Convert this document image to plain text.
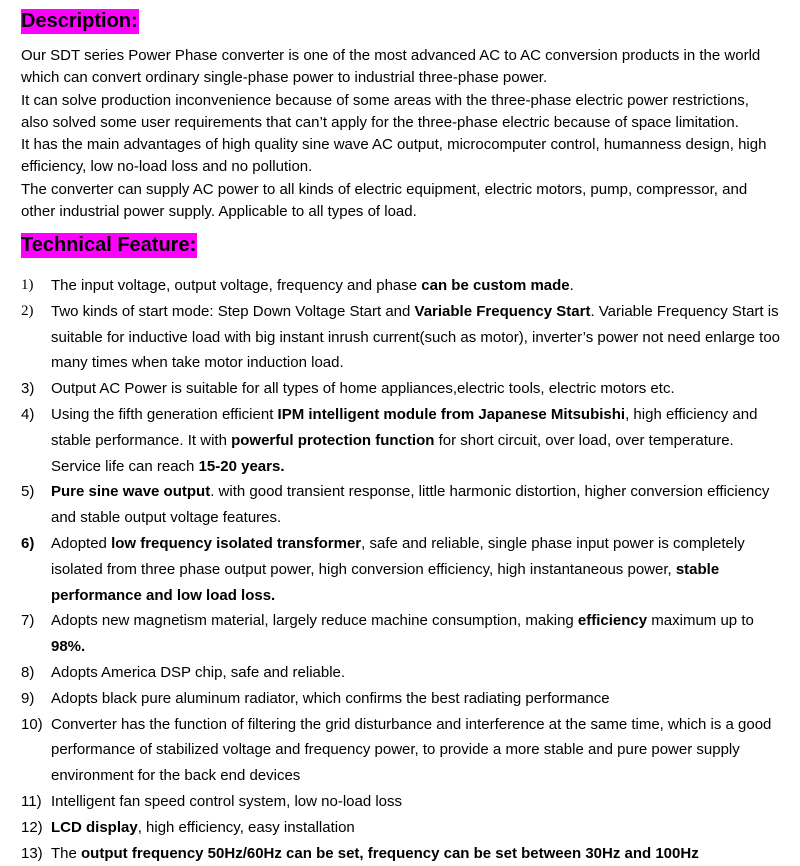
Description:

Our SDT series Power Phase converter is one of the most advanced AC to AC conversion products in the world

which can convert ordinary single-phase power to industrial three-phase power.

It can solve production inconvenience because of some areas with the three-phase electric power restrictions,

also solved some user requirements that can’t apply for the three-phase electric because of space limitation.

It has the main advantages of high quality sine wave AC output, microcomputer control, humanness design, high

efficiency, low no-load loss and no pollution.

The converter can supply AC power to all kinds of electric equipment, electric motors, pump, compressor, and

other industrial power supply. Applicable to all types of load.

Technical Feature:
1) The input voltage, output voltage, frequency and phase can be custom made.
2) Two kinds of start mode: Step Down Voltage Start and Variable Frequency Start. Variable Frequency Start is suitable for inductive load with big instant inrush current(such as motor), inverter’s power not need enlarge too many times when take motor induction load.
3) Output AC Power is suitable for all types of home appliances,electric tools, electric motors etc.
4) Using the fifth generation efficient IPM intelligent module from Japanese Mitsubishi, high efficiency and stable performance. It with powerful protection function for short circuit, over load, over temperature. Service life can reach 15-20 years.
5) Pure sine wave output. with good transient response, little harmonic distortion, higher conversion efficiency and stable output voltage features.
6) Adopted low frequency isolated transformer, safe and reliable, single phase input power is completely isolated from three phase output power, high conversion efficiency, high instantaneous power, stable performance and low load loss.
7) Adopts new magnetism material, largely reduce machine consumption, making efficiency maximum up to 98%.
8) Adopts America DSP chip, safe and reliable.
9) Adopts black pure aluminum radiator, which confirms the best radiating performance
10) Converter has the function of filtering the grid disturbance and interference at the same time, which is a good performance of stabilized voltage and frequency power, to provide a more stable and pure power supply environment for the back end devices
11) Intelligent fan speed control system, low no-load loss
12) LCD display, high efficiency, easy installation
13) The output frequency 50Hz/60Hz can be set, frequency can be set between 30Hz and 100Hz
